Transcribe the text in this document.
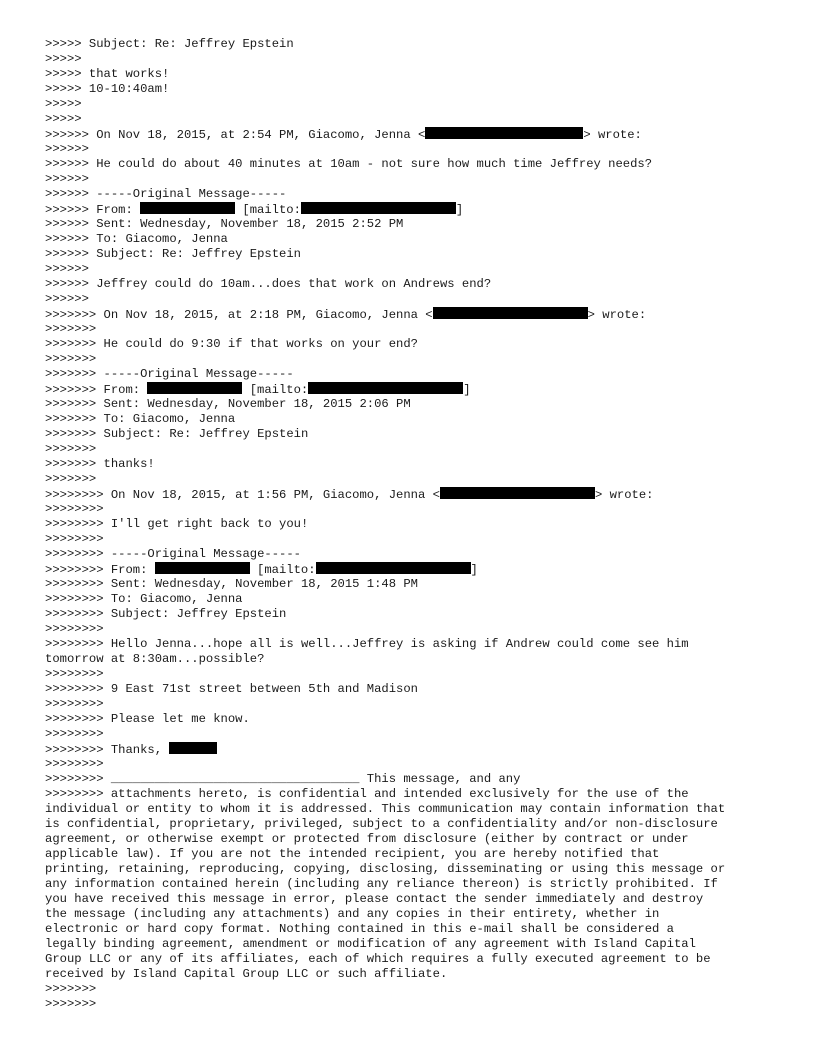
>>>>> Subject: Re: Jeffrey Epstein
>>>>>
>>>>> that works!
>>>>> 10-10:40am!
>>>>>
>>>>>
>>>>>> On Nov 18, 2015, at 2:54 PM, Giacomo, Jenna <	> wrote:
>>>>>>
>>>>>> He could do about 40 minutes at 10am - not sure how much time Jeffrey needs?
>>>>>>
>>>>>> -----Original Message-----
>>>>>> From:	[mailto:	]
>>>>>> Sent: Wednesday, November 18, 2015 2:52 PM
>>>>>> To: Giacomo, Jenna
>>>>>> Subject: Re: Jeffrey Epstein
>>>>>>
>>>>>> Jeffrey could do 10am...does that work on Andrews end?
>>>>>>
>>>>>>> On Nov 18, 2015, at 2:18 PM, Giacomo, Jenna <	> wrote:
>>>>>>>
>>>>>>> He could do 9:30 if that works on your end?
>>>>>>>
>>>>>>> -----Original Message-----
>>>>>>> From:	[mailto:	]
>>>>>>> Sent: Wednesday, November 18, 2015 2:06 PM
>>>>>>> To: Giacomo, Jenna
>>>>>>> Subject: Re: Jeffrey Epstein
>>>>>>>
>>>>>>> thanks!
>>>>>>>
>>>>>>>> On Nov 18, 2015, at 1:56 PM, Giacomo, Jenna <	> wrote:
>>>>>>>>
>>>>>>>> I'll get right back to you!
>>>>>>>>
>>>>>>>> -----Original Message-----
>>>>>>>> From:	[mailto:	]
>>>>>>>> Sent: Wednesday, November 18, 2015 1:48 PM
>>>>>>>> To: Giacomo, Jenna
>>>>>>>> Subject: Jeffrey Epstein
>>>>>>>>
>>>>>>>> Hello Jenna...hope all is well...Jeffrey is asking if Andrew could come see him
tomorrow at 8:30am...possible?
>>>>>>>>
>>>>>>>> 9 East 71st street between 5th and Madison
>>>>>>>>
>>>>>>>> Please let me know.
>>>>>>>>
>>>>>>>> Thanks,
>>>>>>>>
>>>>>>>> __________________________________ This message, and any
>>>>>>>> attachments hereto, is confidential and intended exclusively for the use of the
individual or entity to whom it is addressed. This communication may contain information that
is confidential, proprietary, privileged, subject to a confidentiality and/or non-disclosure
agreement, or otherwise exempt or protected from disclosure (either by contract or under
applicable law). If you are not the intended recipient, you are hereby notified that
printing, retaining, reproducing, copying, disclosing, disseminating or using this message or
any information contained herein (including any reliance thereon) is strictly prohibited. If
you have received this message in error, please contact the sender immediately and destroy
the message (including any attachments) and any copies in their entirety, whether in
electronic or hard copy format. Nothing contained in this e-mail shall be considered a
legally binding agreement, amendment or modification of any agreement with Island Capital
Group LLC or any of its affiliates, each of which requires a fully executed agreement to be
received by Island Capital Group LLC or such affiliate.
>>>>>>>
>>>>>>>
